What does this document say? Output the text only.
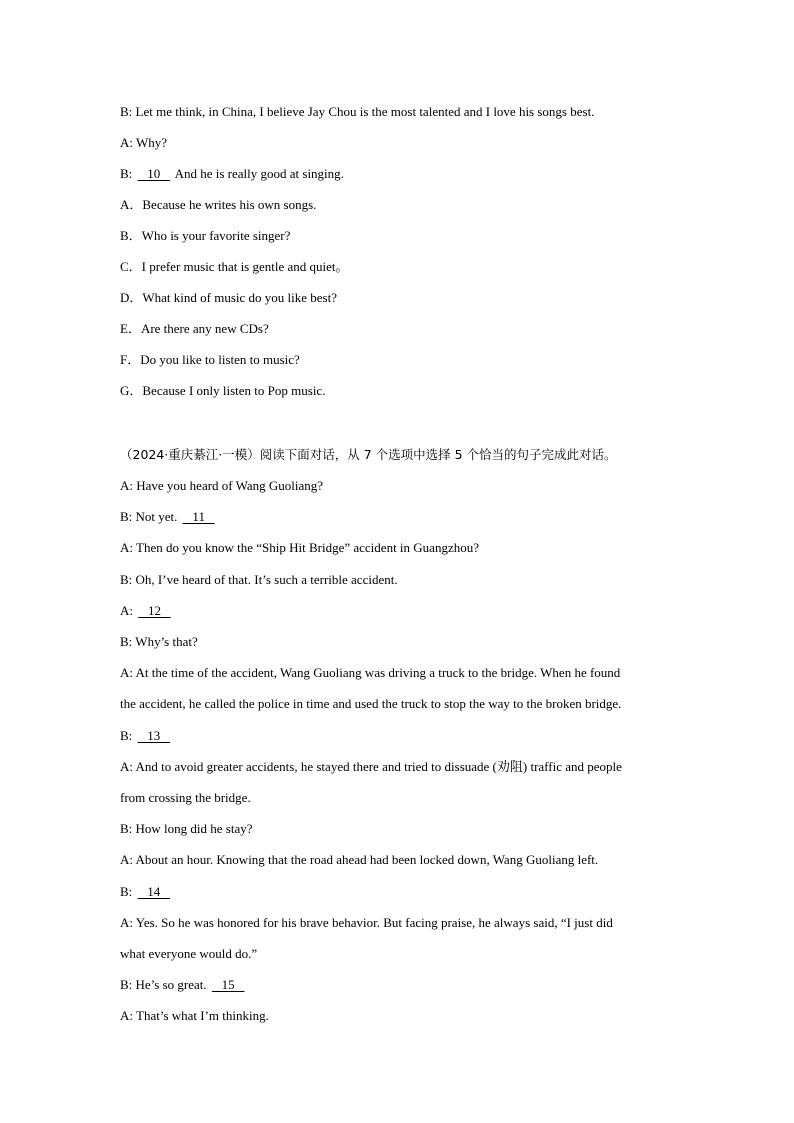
B: Let me think, in China, I believe Jay Chou is the most talented and I love his songs best.
A: Why?
B:    10    And he is really good at singing.
A．Because he writes his own songs.
B．Who is your favorite singer?
C．I prefer music that is gentle and quiet。
D．What kind of music do you like best?
E．Are there any new CDs?
F．Do you like to listen to music?
G．Because I only listen to Pop music.
（2024·重庆綦江·一模）阅读下面对话，从 7 个选项中选择 5 个恰当的句子完成此对话。
A: Have you heard of Wang Guoliang?
B: Not yet.    11
A: Then do you know the “Ship Hit Bridge” accident in Guangzhou?
B: Oh, I’ve heard of that. It’s such a terrible accident.
A:    12
B: Why’s that?
A: At the time of the accident, Wang Guoliang was driving a truck to the bridge. When he found
the accident, he called the police in time and used the truck to stop the way to the broken bridge.
B:    13
A: And to avoid greater accidents, he stayed there and tried to dissuade (劝阻) traffic and people
from crossing the bridge.
B: How long did he stay?
A: About an hour. Knowing that the road ahead had been locked down, Wang Guoliang left.
B:    14
A: Yes. So he was honored for his brave behavior. But facing praise, he always said, “I just did
what everyone would do.”
B: He’s so great.    15
A: That’s what I’m thinking.
